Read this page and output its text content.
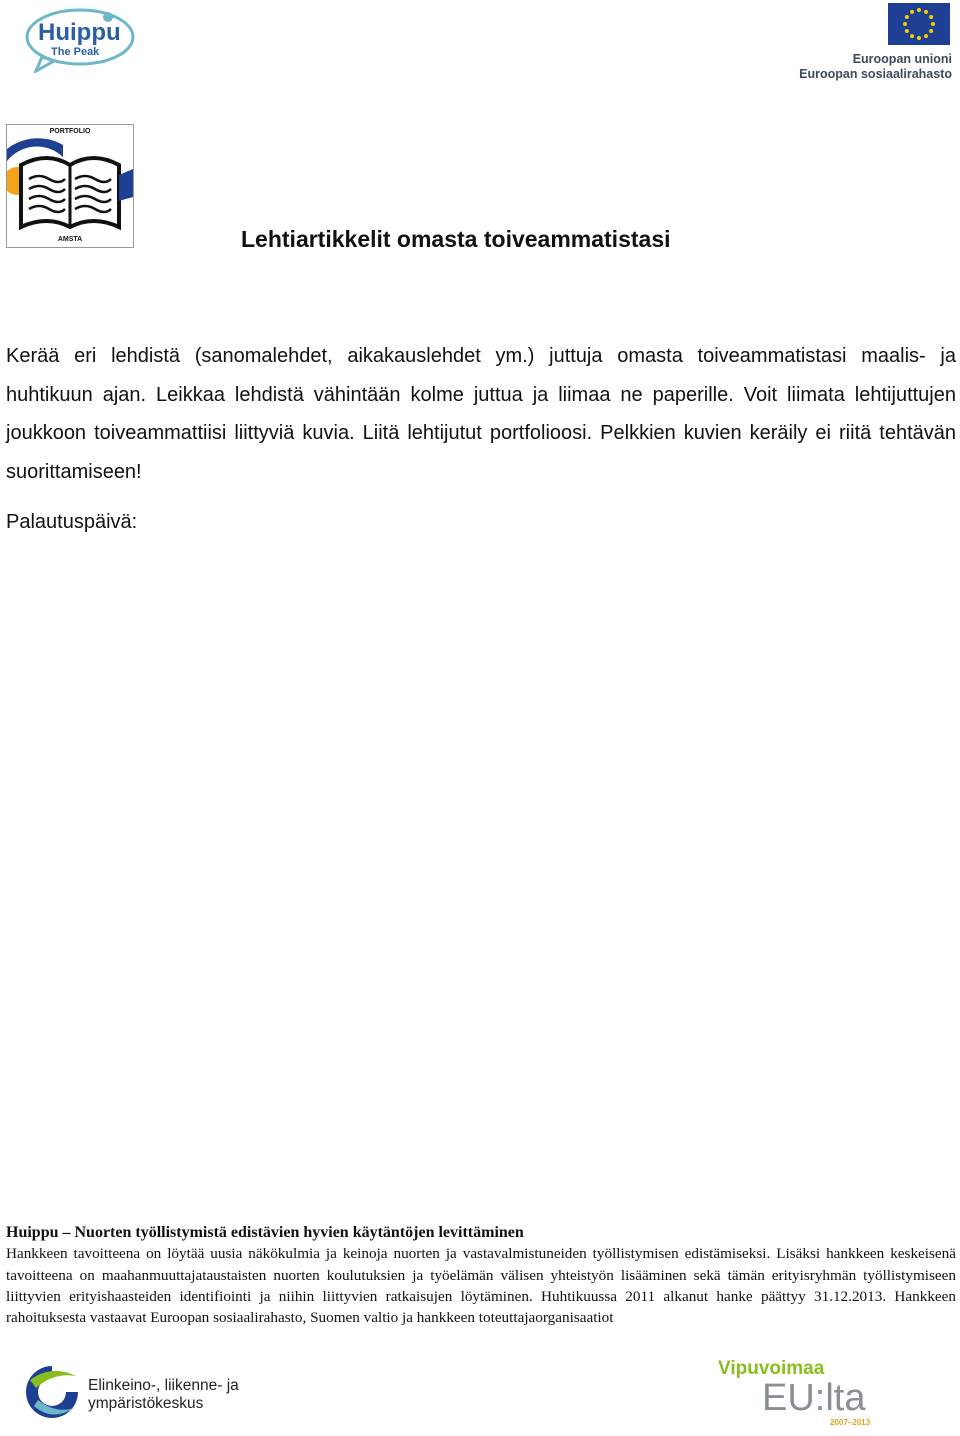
Huippu
The Peak	Euroopan unioni
Euroopan sosiaalirahasto
PORTFOLIO
AMSTA	Lehtiartikkelit omasta toiveammatistasi

Kerää eri lehdistä (sanomalehdet, aikakauslehdet ym.) juttuja omasta toiveammatistasi maalis- ja huhtikuun ajan. Leikkaa lehdistä vähintään kolme juttua ja liimaa ne paperille. Voit liimata lehtijuttujen joukkoon toiveammattiisi liittyviä kuvia. Liitä lehtijutut portfolioosi. Pelkkien kuvien keräily ei riitä tehtävän suorittamiseen!

Palautuspäivä:

Huippu – Nuorten työllistymistä edistävien hyvien käytäntöjen levittäminen

Hankkeen tavoitteena on löytää uusia näkökulmia ja keinoja nuorten ja vastavalmistuneiden työllistymisen edistämiseksi. Lisäksi hankkeen keskeisenä tavoitteena on maahanmuuttajataustaisten nuorten koulutuksien ja työelämän välisen yhteistyön lisääminen sekä tämän erityisryhmän työllistymiseen liittyvien erityishaasteiden identifiointi ja niihin liittyvien ratkaisujen löytäminen. Huhtikuussa 2011 alkanut hanke päättyy 31.12.2013. Hankkeen rahoituksesta vastaavat Euroopan sosiaalirahasto, Suomen valtio ja hankkeen toteuttajaorganisaatiot

Elinkeino-, liikenne- ja
ympäristökeskus
Vipuvoimaa
EU:lta
2007–2013
